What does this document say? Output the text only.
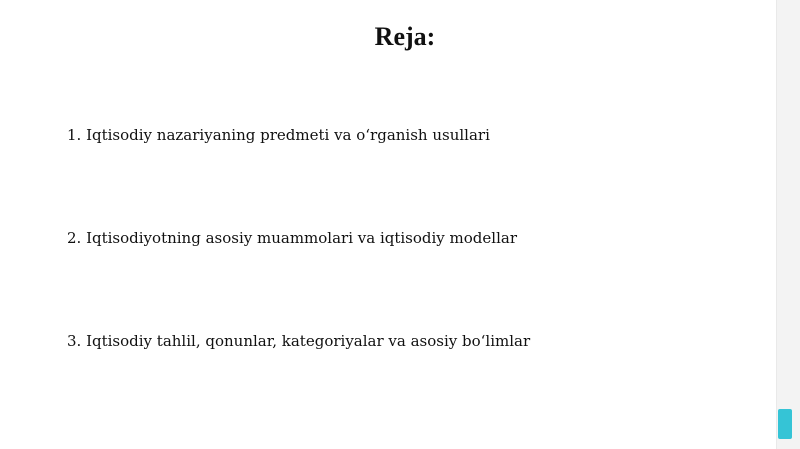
Reja:
1. Iqtisodiy nazariyaning predmeti va oʻrganish usullari
2. Iqtisodiyotning asosiy muammolari va iqtisodiy modellar
3. Iqtisodiy tahlil, qonunlar, kategoriyalar va asosiy boʻlimlar
